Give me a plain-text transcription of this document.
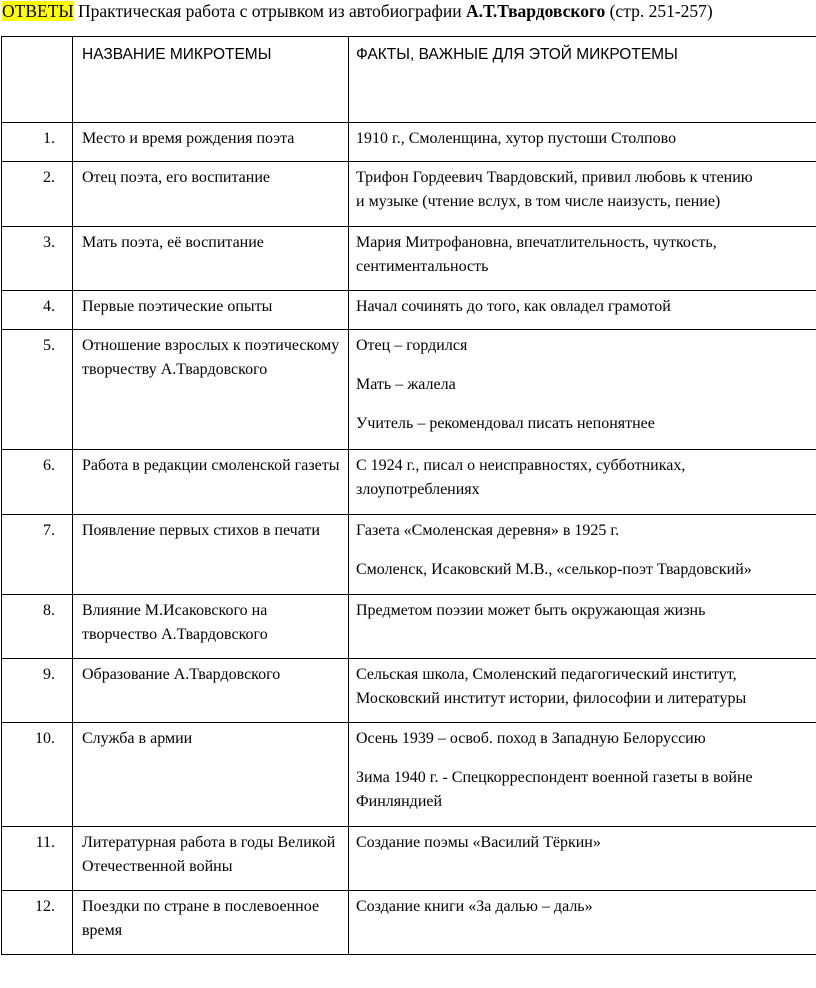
ОТВЕТЫ Практическая работа с отрывком из автобиографии А.Т.Твардовского (стр. 251-257)
	НАЗВАНИЕ МИКРОТЕМЫ	ФАКТЫ, ВАЖНЫЕ ДЛЯ ЭТОЙ МИКРОТЕМЫ
1.	Место и время рождения поэта	1910 г., Смоленщина, хутор пустоши Столпово

2.	Отец поэта, его воспитание	Трифон Гордеевич Твардовский, привил любовь к чтению
и музыке (чтение вслух, в том числе наизусть, пение)

3.	Мать поэта, её воспитание	Мария Митрофановна, впечатлительность, чуткость,
сентиментальность

4.	Первые поэтические опыты	Начал сочинять до того, как овладел грамотой

5.	Отношение взрослых к поэтическому творчеству А.Твардовского	Отец – гордился
Мать – жалела
Учитель – рекомендовал писать непонятнее

6.	Работа в редакции смоленской газеты	С 1924 г., писал о неисправностях, субботниках,
злоупотреблениях

7.	Появление первых стихов в печати	Газета «Смоленская деревня» в 1925 г.
Смоленск, Исаковский М.В., «селькор-поэт Твардовский»

8.	Влияние М.Исаковского на творчество А.Твардовского	Предметом поэзии может быть окружающая жизнь

9.	Образование А.Твардовского	Сельская школа, Смоленский педагогический институт,
Московский институт истории, философии и литературы

10.	Служба в армии	Осень 1939 – освоб. поход в Западную Белоруссию
Зима 1940 г. - Спецкорреспондент военной газеты в войне
Финляндией

11.	Литературная работа в годы Великой Отечественной войны	Создание поэмы «Василий Тёркин»

12.	Поездки по стране в послевоенное время	Создание книги «За далью – даль»
